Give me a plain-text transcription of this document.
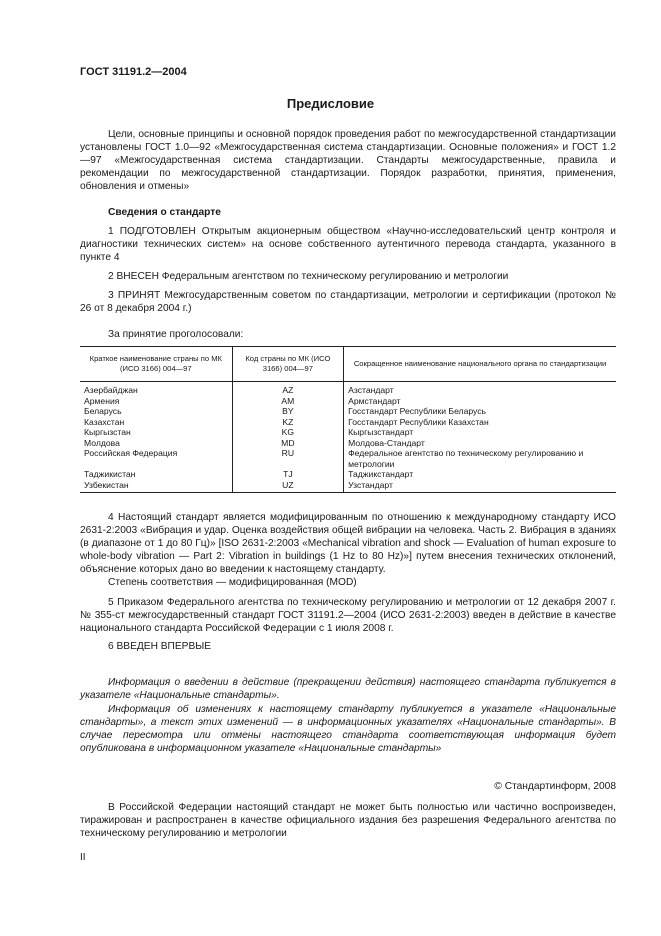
ГОСТ 31191.2—2004
Предисловие

Цели, основные принципы и основной порядок проведения работ по межгосударственной стандартизации установлены ГОСТ 1.0—92 «Межгосударственная система стандартизации. Основные положения» и ГОСТ 1.2—97 «Межгосударственная система стандартизации. Стандарты межгосударственные, правила и рекомендации по межгосударственной стандартизации. Порядок разработки, принятия, применения, обновления и отмены»

Сведения о стандарте

1 ПОДГОТОВЛЕН Открытым акционерным обществом «Научно-исследовательский центр контроля и диагностики технических систем» на основе собственного аутентичного перевода стандарта, указанного в пункте 4

2 ВНЕСЕН Федеральным агентством по техническому регулированию и метрологии

3 ПРИНЯТ Межгосударственным советом по стандартизации, метрологии и сертификации (протокол № 26 от 8 декабря 2004 г.)

За принятие проголосовали:

Краткое наименование страны по МК (ИСО 3166) 004—97	Код страны по МК (ИСО 3166) 004—97	Сокращенное наименование национального органа по стандартизации
Азербайджан	AZ	Азстандарт
Армения	AM	Армстандарт
Беларусь	BY	Госстандарт Республики Беларусь
Казахстан	KZ	Госстандарт Республики Казахстан
Кыргызстан	KG	Кыргызстандарт
Молдова	MD	Молдова-Стандарт
Российская Федерация	RU	Федеральное агентство по техническому регулированию и метрологии
Таджикистан	TJ	Таджикстандарт
Узбекистан	UZ	Узстандарт

4 Настоящий стандарт является модифицированным по отношению к международному стандарту ИСО 2631-2:2003 «Вибрация и удар. Оценка воздействия общей вибрации на человека. Часть 2. Вибрация в зданиях (в диапазоне от 1 до 80 Гц)» [ISO 2631-2:2003 «Mechanical vibration and shock — Evaluation of human exposure to whole-body vibration — Part 2: Vibration in buildings (1 Hz to 80 Hz)»] путем внесения технических отклонений, объяснение которых дано во введении к настоящему стандарту.

Степень соответствия — модифицированная (MOD)

5 Приказом Федерального агентства по техническому регулированию и метрологии от 12 декабря 2007 г. № 355-ст межгосударственный стандарт ГОСТ 31191.2—2004 (ИСО 2631-2:2003) введен в действие в качестве национального стандарта Российской Федерации с 1 июля 2008 г.

6 ВВЕДЕН ВПЕРВЫЕ

Информация о введении в действие (прекращении действия) настоящего стандарта публикуется в указателе «Национальные стандарты».

Информация об изменениях к настоящему стандарту публикуется в указателе «Национальные стандарты», а текст этих изменений — в информационных указателях «Национальные стандарты». В случае пересмотра или отмены настоящего стандарта соответствующая информация будет опубликована в информационном указателе «Национальные стандарты»

© Стандартинформ, 2008

В Российской Федерации настоящий стандарт не может быть полностью или частично воспроизведен, тиражирован и распространен в качестве официального издания без разрешения Федерального агентства по техническому регулированию и метрологии

II
